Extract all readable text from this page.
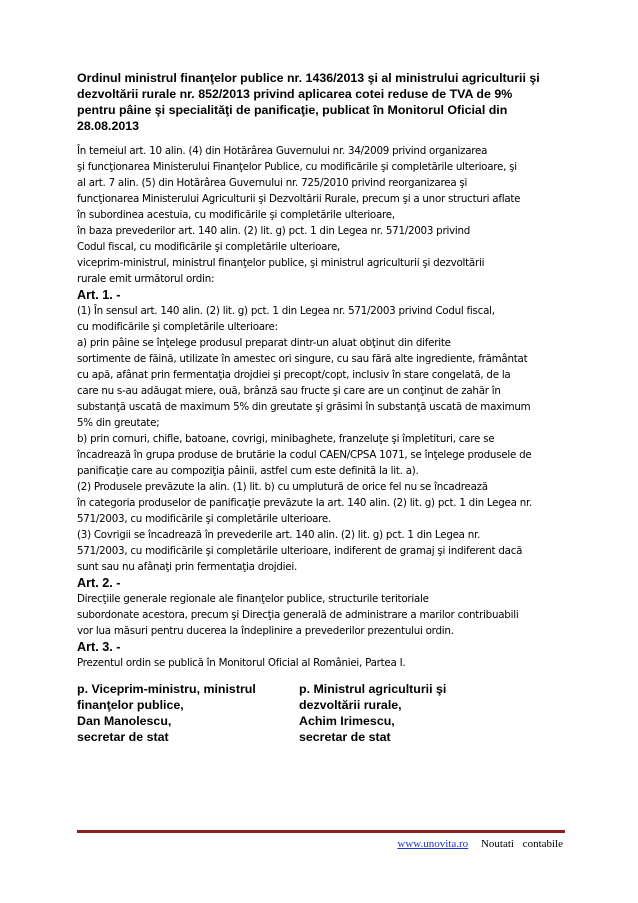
Ordinul ministrul finanţelor publice nr. 1436/2013 şi al ministrului agriculturii şi
dezvoltării rurale nr. 852/2013 privind aplicarea cotei reduse de TVA de 9%
pentru pâine şi specialităţi de panificaţie, publicat în Monitorul Oficial din
28.08.2013
În temeiul art. 10 alin. (4) din Hotărârea Guvernului nr. 34/2009 privind organizarea
şi funcţionarea Ministerului Finanţelor Publice, cu modificările şi completările ulterioare, şi
al art. 7 alin. (5) din Hotărârea Guvernului nr. 725/2010 privind reorganizarea şi
funcţionarea Ministerului Agriculturii şi Dezvoltării Rurale, precum şi a unor structuri aflate
în subordinea acestuia, cu modificările şi completările ulterioare,
în baza prevederilor art. 140 alin. (2) lit. g) pct. 1 din Legea nr. 571/2003 privind
Codul fiscal, cu modificările şi completările ulterioare,
viceprim-ministrul, ministrul finanţelor publice, şi ministrul agriculturii şi dezvoltării
rurale emit următorul ordin:
Art. 1. -
(1) În sensul art. 140 alin. (2) lit. g) pct. 1 din Legea nr. 571/2003 privind Codul fiscal,
cu modificările şi completările ulterioare:
a) prin pâine se înţelege produsul preparat dintr-un aluat obţinut din diferite
sortimente de făină, utilizate în amestec ori singure, cu sau fără alte ingrediente, frământat
cu apă, afânat prin fermentaţia drojdiei şi precopt/copt, inclusiv în stare congelată, de la
care nu s-au adăugat miere, ouă, brânză sau fructe şi care are un conţinut de zahăr în
substanţă uscată de maximum 5% din greutate şi grăsimi în substanţă uscată de maximum
5% din greutate;
b) prin cornuri, chifle, batoane, covrigi, minibaghete, franzeluţe şi împletituri, care se
încadrează în grupa produse de brutărie la codul CAEN/CPSA 1071, se înţelege produsele de
panificaţie care au compoziţia pâinii, astfel cum este definită la lit. a).
(2) Produsele prevăzute la alin. (1) lit. b) cu umplutură de orice fel nu se încadrează
în categoria produselor de panificaţie prevăzute la art. 140 alin. (2) lit. g) pct. 1 din Legea nr.
571/2003, cu modificările şi completările ulterioare.
(3) Covrigii se încadrează în prevederile art. 140 alin. (2) lit. g) pct. 1 din Legea nr.
571/2003, cu modificările şi completările ulterioare, indiferent de gramaj şi indiferent dacă
sunt sau nu afânaţi prin fermentaţia drojdiei.
Art. 2. -
Direcţiile generale regionale ale finanţelor publice, structurile teritoriale
subordonate acestora, precum şi Direcţia generală de administrare a marilor contribuabili
vor lua măsuri pentru ducerea la îndeplinire a prevederilor prezentului ordin.
Art. 3. -
Prezentul ordin se publică în Monitorul Oficial al României, Partea I.
p. Viceprim-ministru, ministrul
finanţelor publice,
Dan Manolescu,
secretar de stat
p. Ministrul agriculturii şi
dezvoltării rurale,
Achim Irimescu,
secretar de stat
www.unovita.ro Noutati contabile
